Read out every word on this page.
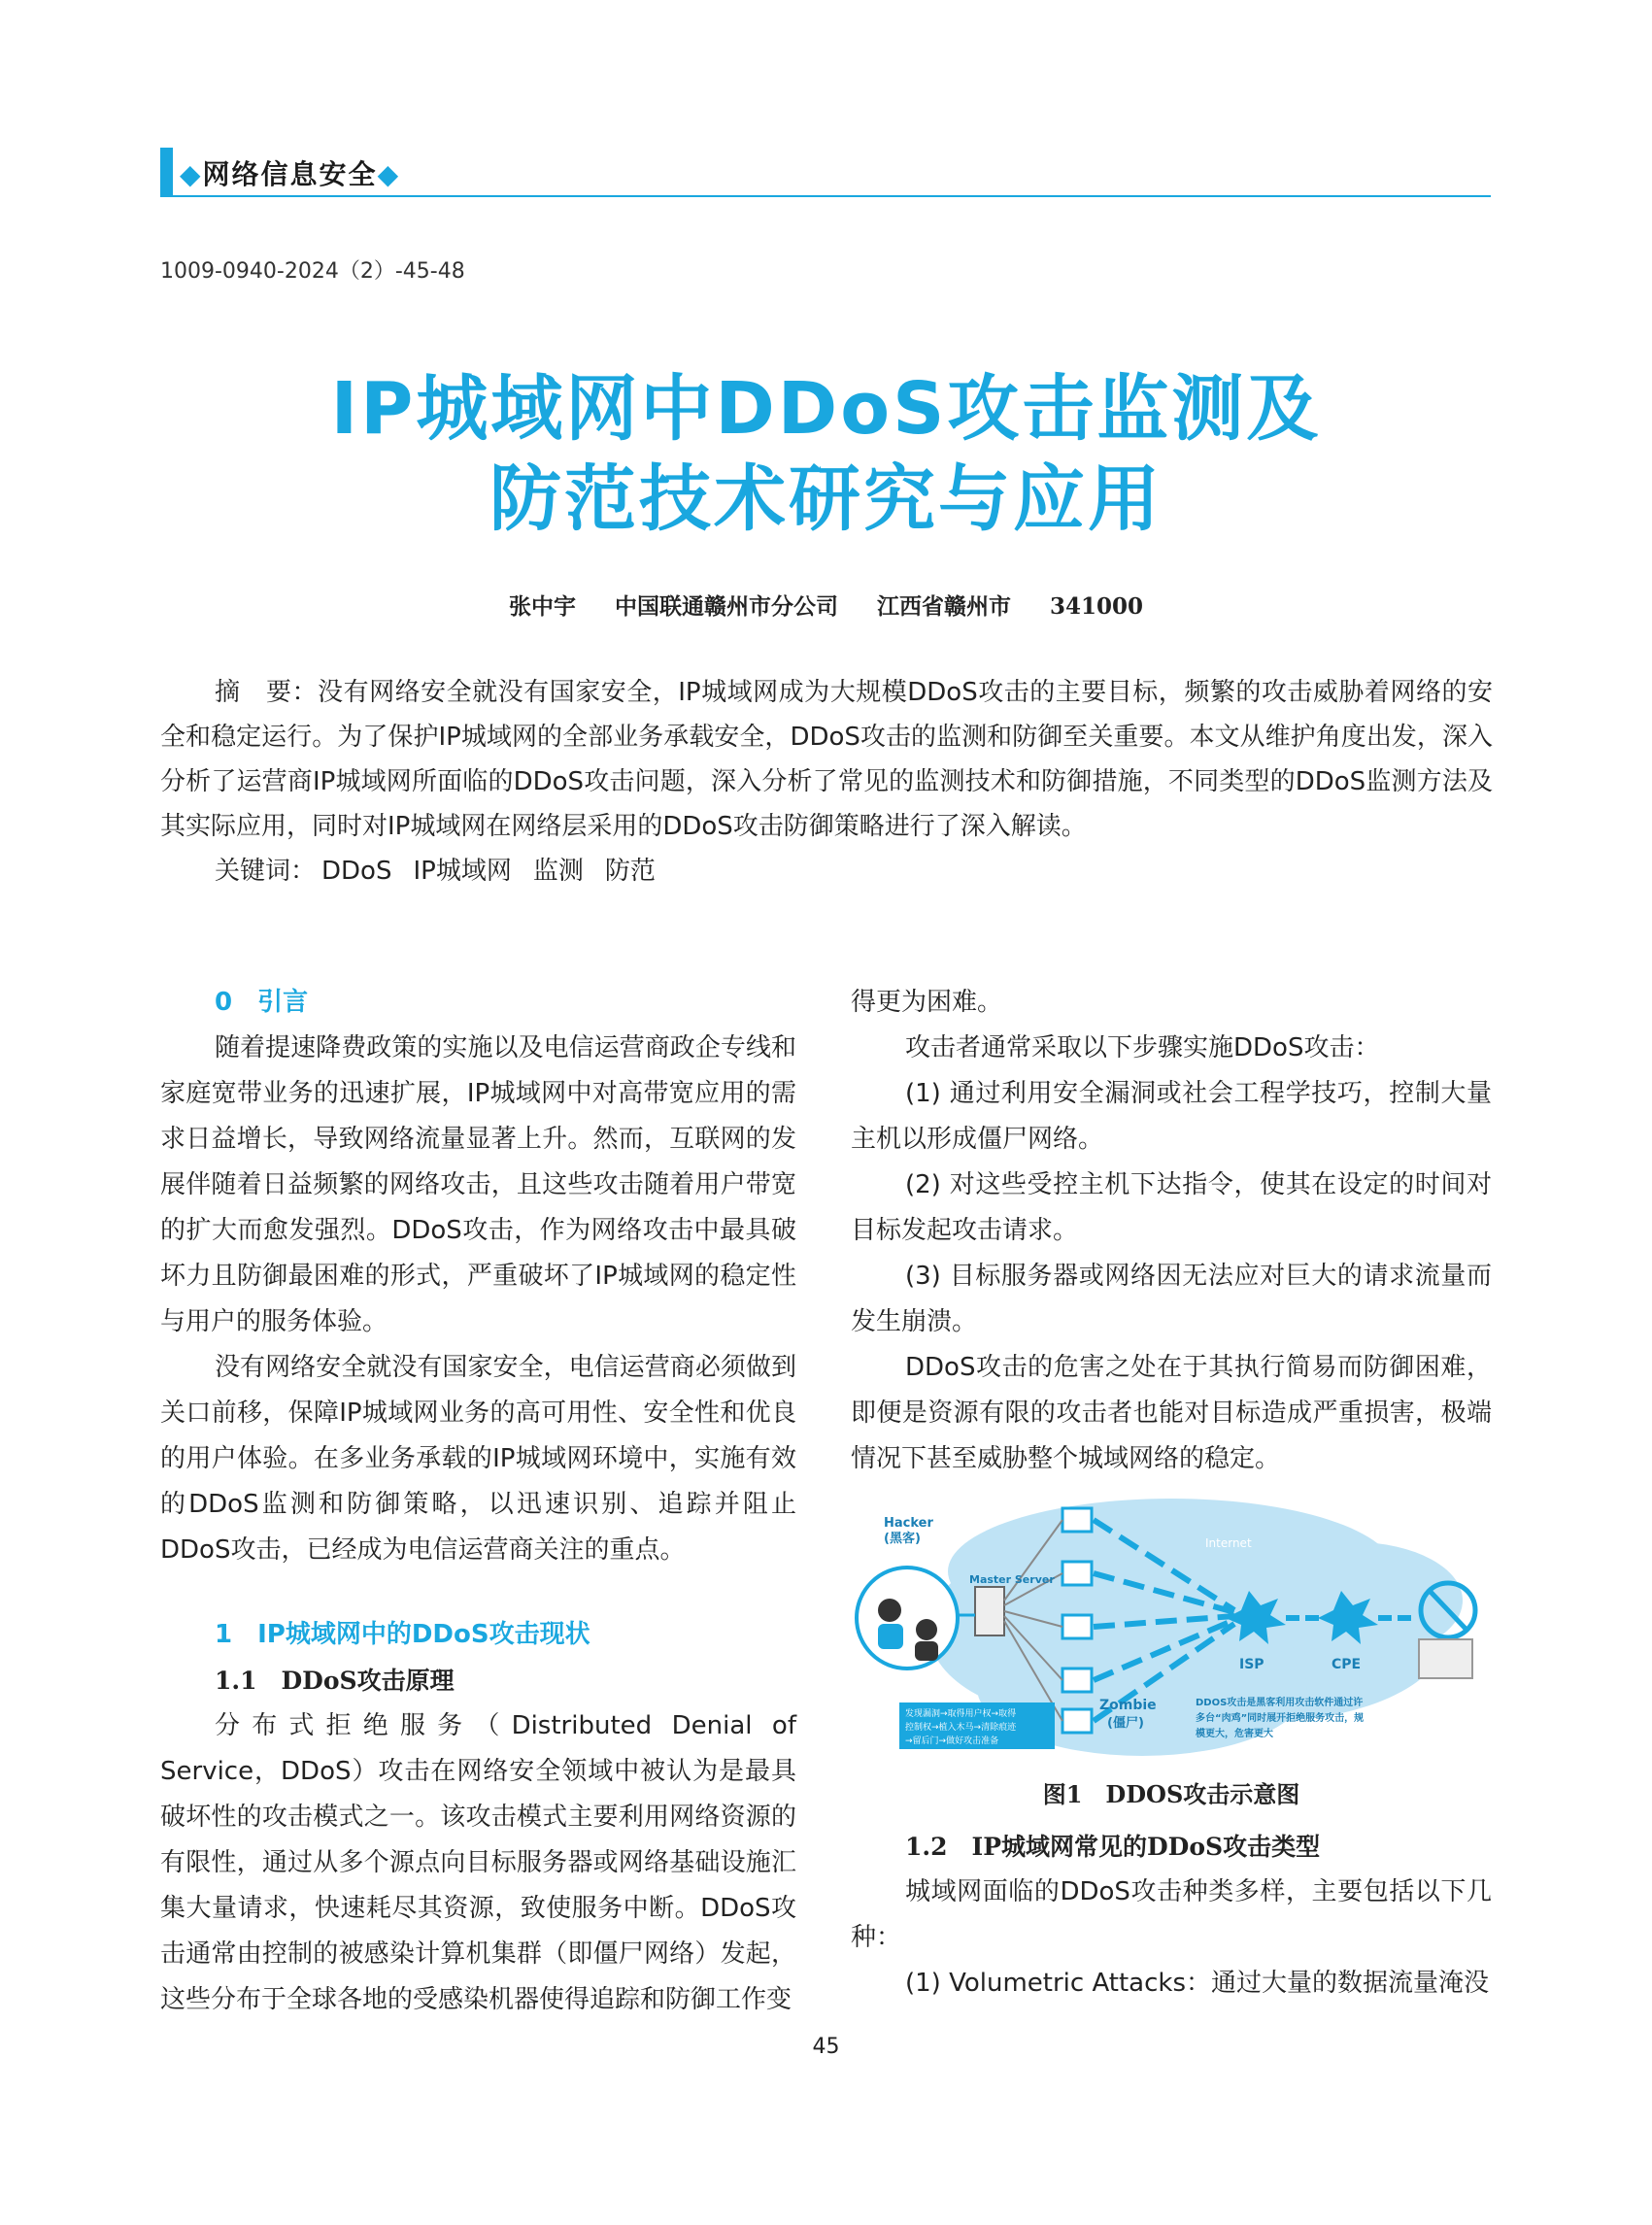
◆网络信息安全◆
1009-0940-2024（2）-45-48
IP城域网中DDoS攻击监测及
防范技术研究与应用
张中宇 中国联通赣州市分公司 江西省赣州市 341000

摘　要：没有网络安全就没有国家安全，IP城域网成为大规模DDoS攻击的主要目标，频繁的攻击威胁着网络的安全和稳定运行。为了保护IP城域网的全部业务承载安全，DDoS攻击的监测和防御至关重要。本文从维护角度出发，深入分析了运营商IP城域网所面临的DDoS攻击问题，深入分析了常见的监测技术和防御措施，不同类型的DDoS监测方法及其实际应用，同时对IP城域网在网络层采用的DDoS攻击防御策略进行了深入解读。

关键词： DDoS IP城域网 监测 防范
0　引言

随着提速降费政策的实施以及电信运营商政企专线和家庭宽带业务的迅速扩展，IP城域网中对高带宽应用的需求日益增长，导致网络流量显著上升。然而，互联网的发展伴随着日益频繁的网络攻击，且这些攻击随着用户带宽的扩大而愈发强烈。DDoS攻击，作为网络攻击中最具破坏力且防御最困难的形式，严重破坏了IP城域网的稳定性与用户的服务体验。

没有网络安全就没有国家安全，电信运营商必须做到关口前移，保障IP城域网业务的高可用性、安全性和优良的用户体验。在多业务承载的IP城域网环境中，实施有效的DDoS监测和防御策略，以迅速识别、追踪并阻止DDoS攻击，已经成为电信运营商关注的重点。

1　IP城域网中的DDoS攻击现状
1.1　DDoS攻击原理

分布式拒绝服务（Distributed Denial of Service，DDoS）攻击在网络安全领域中被认为是最具破坏性的攻击模式之一。该攻击模式主要利用网络资源的有限性，通过从多个源点向目标服务器或网络基础设施汇集大量请求，快速耗尽其资源，致使服务中断。DDoS攻击通常由控制的被感染计算机集群（即僵尸网络）发起，这些分布于全球各地的受感染机器使得追踪和防御工作变

得更为困难。

攻击者通常采取以下步骤实施DDoS攻击：

(1) 通过利用安全漏洞或社会工程学技巧，控制大量主机以形成僵尸网络。

(2) 对这些受控主机下达指令，使其在设定的时间对目标发起攻击请求。

(3) 目标服务器或网络因无法应对巨大的请求流量而发生崩溃。

DDoS攻击的危害之处在于其执行简易而防御困难，即便是资源有限的攻击者也能对目标造成严重损害，极端情况下甚至威胁整个城域网络的稳定。

Hacker
(黑客)
Master Server
Internet
ISP	CPE
Zombie
(僵尸)
发现漏洞→取得用户权→取得
控制权→植入木马→清除痕迹
→留后门→做好攻击准备
DDOS攻击是黑客利用攻击软件通过许
多台“肉鸡”同时展开拒绝服务攻击，规
模更大，危害更大
图1　DDOS攻击示意图
1.2　IP城域网常见的DDoS攻击类型

城域网面临的DDoS攻击种类多样，主要包括以下几种：

(1) Volumetric Attacks：通过大量的数据流量淹没

45
